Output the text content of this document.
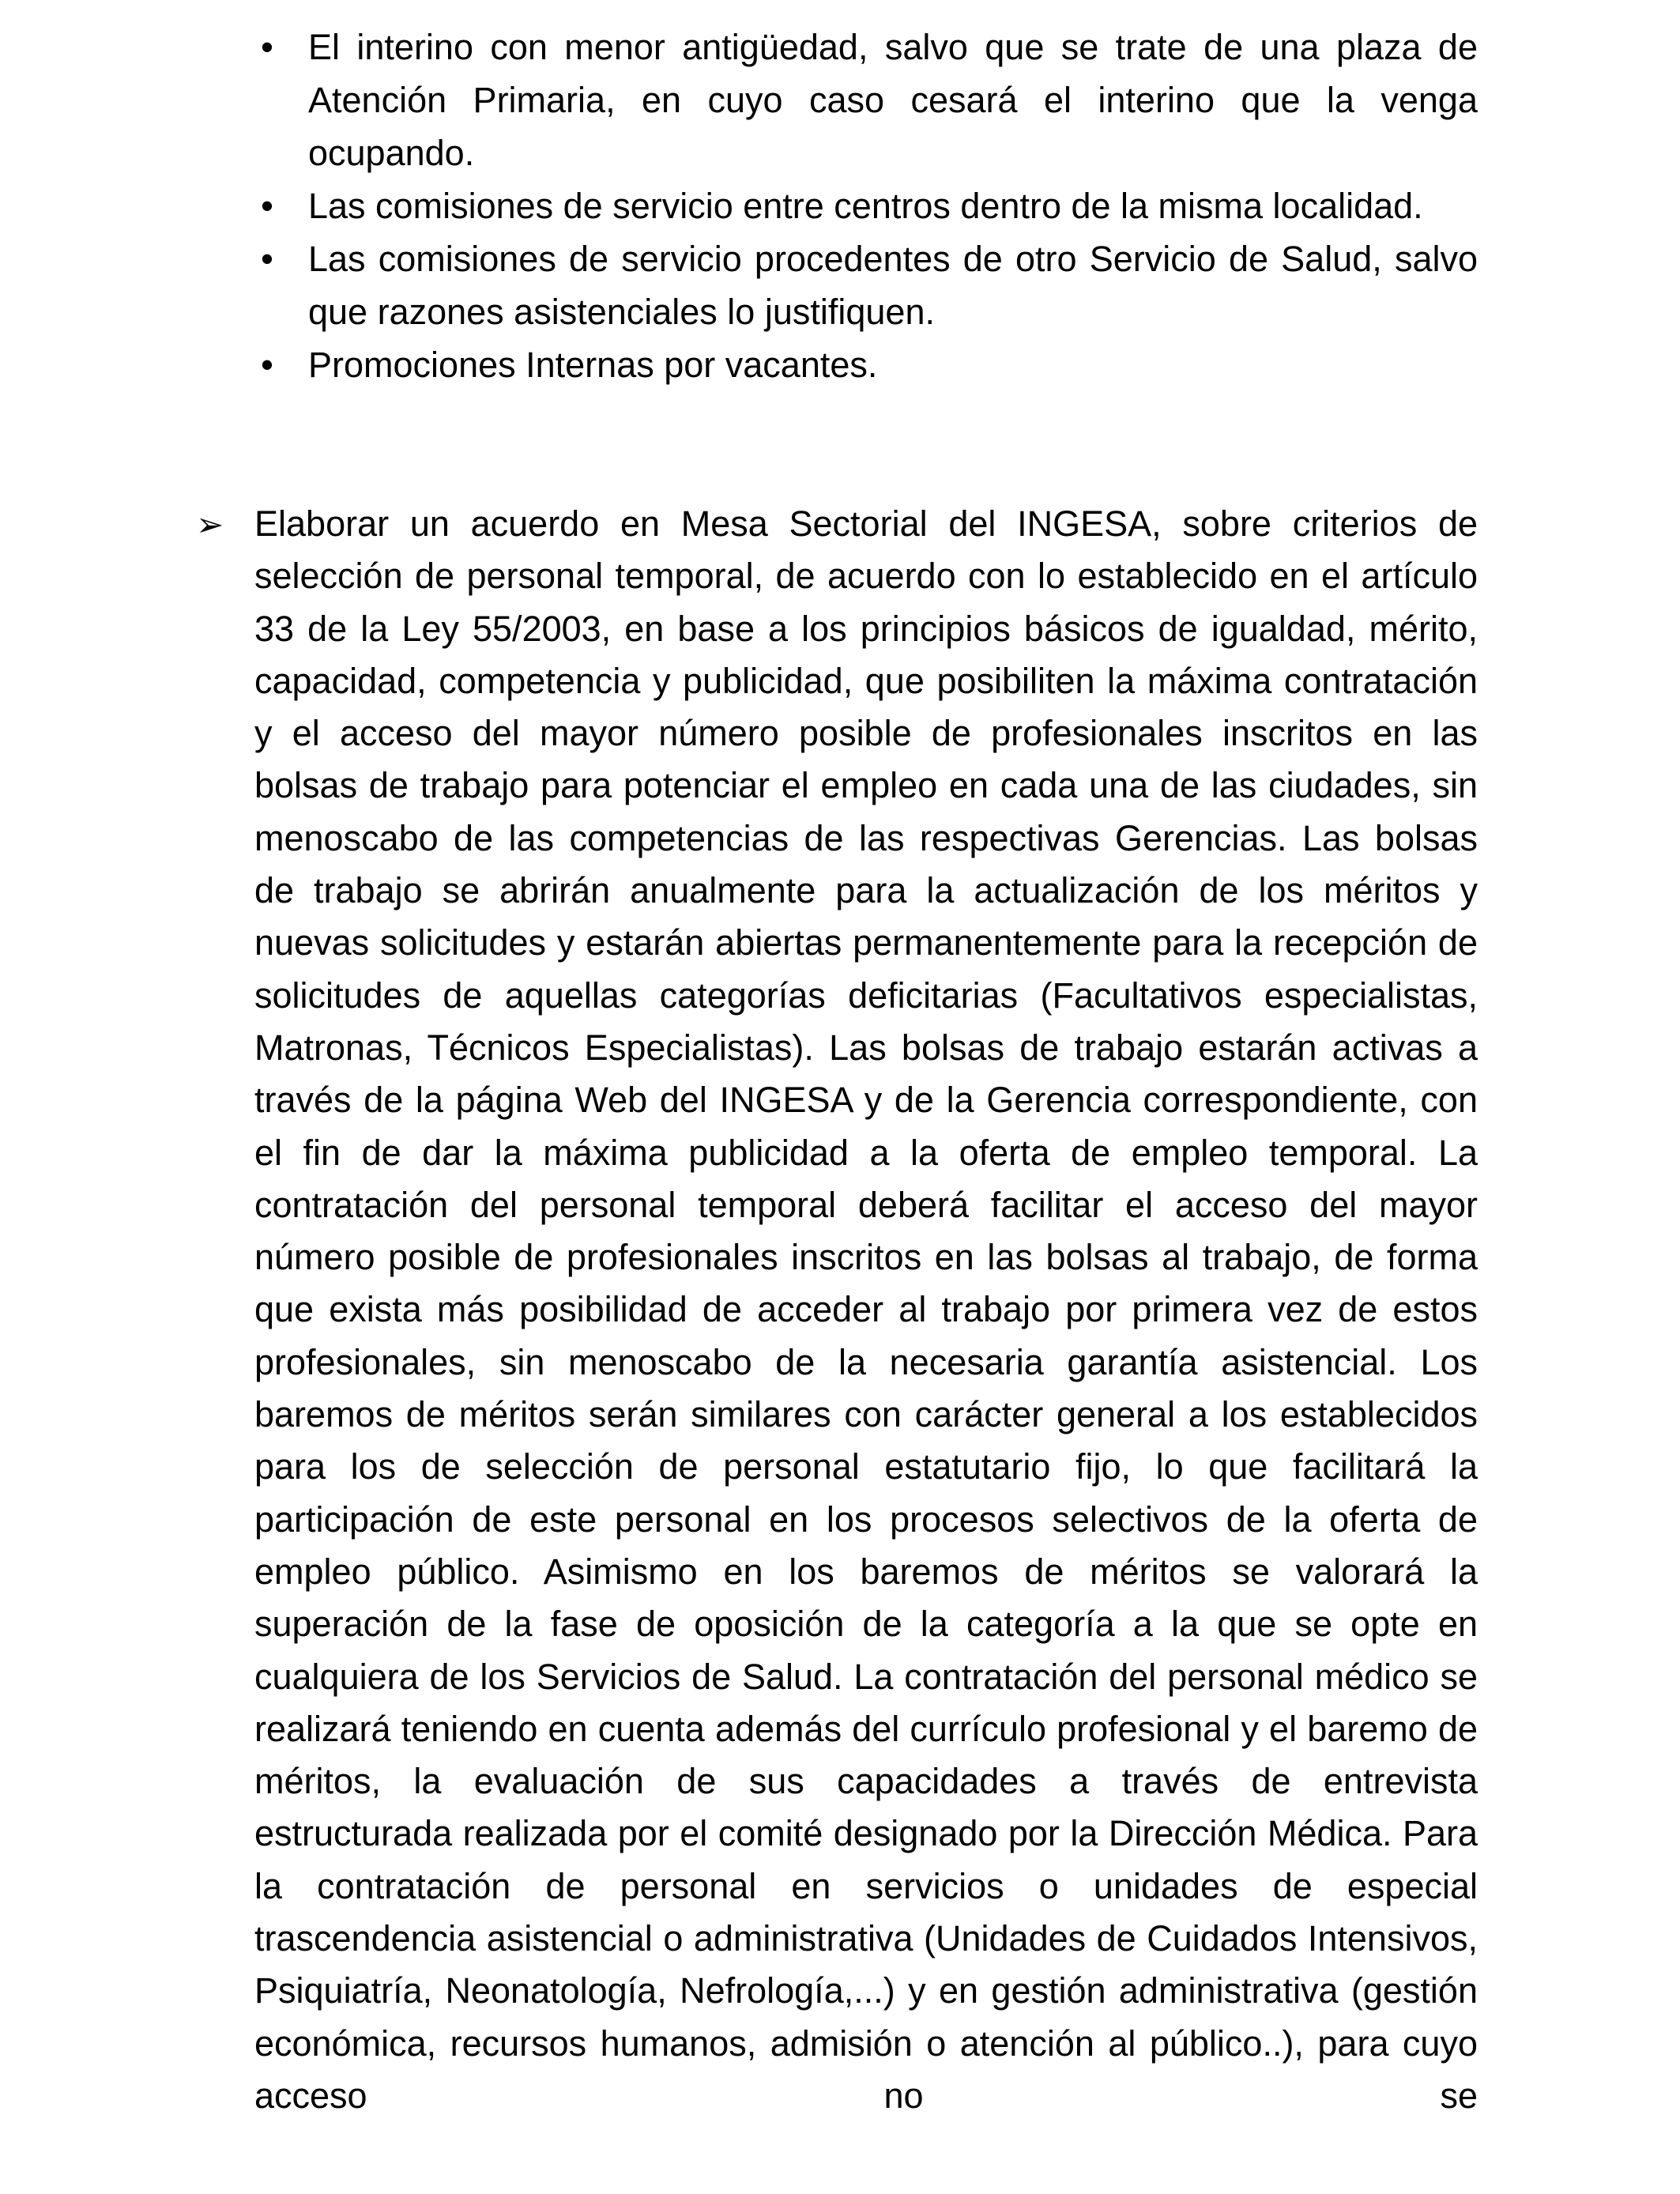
• El interino con menor antigüedad, salvo que se trate de una plaza de Atención Primaria, en cuyo caso cesará el interino que la venga ocupando.
• Las comisiones de servicio entre centros dentro de la misma localidad.
• Las comisiones de servicio procedentes de otro Servicio de Salud, salvo que razones asistenciales lo justifiquen.
• Promociones Internas por vacantes.
➢ Elaborar un acuerdo en Mesa Sectorial del INGESA, sobre criterios de selección de personal temporal, de acuerdo con lo establecido en el artículo 33 de la Ley 55/2003, en base a los principios básicos de igualdad, mérito, capacidad, competencia y publicidad, que posibiliten la máxima contratación y el acceso del mayor número posible de profesionales inscritos en las bolsas de trabajo para potenciar el empleo en cada una de las ciudades, sin menoscabo de las competencias de las respectivas Gerencias. Las bolsas de trabajo se abrirán anualmente para la actualización de los méritos y nuevas solicitudes y estarán abiertas permanentemente para la recepción de solicitudes de aquellas categorías deficitarias (Facultativos especialistas, Matronas, Técnicos Especialistas). Las bolsas de trabajo estarán activas a través de la página Web del INGESA y de la Gerencia correspondiente, con el fin de dar la máxima publicidad a la oferta de empleo temporal. La contratación del personal temporal deberá facilitar el acceso del mayor número posible de profesionales inscritos en las bolsas al trabajo, de forma que exista más posibilidad de acceder al trabajo por primera vez de estos profesionales, sin menoscabo de la necesaria garantía asistencial. Los baremos de méritos serán similares con carácter general a los establecidos para los de selección de personal estatutario fijo, lo que facilitará la participación de este personal en los procesos selectivos de la oferta de empleo público. Asimismo en los baremos de méritos se valorará la superación de la fase de oposición de la categoría a la que se opte en cualquiera de los Servicios de Salud. La contratación del personal médico se realizará teniendo en cuenta además del currículo profesional y el baremo de méritos, la evaluación de sus capacidades a través de entrevista estructurada realizada por el comité designado por la Dirección Médica. Para la contratación de personal en servicios o unidades de especial trascendencia asistencial o administrativa (Unidades de Cuidados Intensivos, Psiquiatría, Neonatología, Nefrología,...) y en gestión administrativa (gestión económica, recursos humanos, admisión o atención al público..), para cuyo acceso no se
